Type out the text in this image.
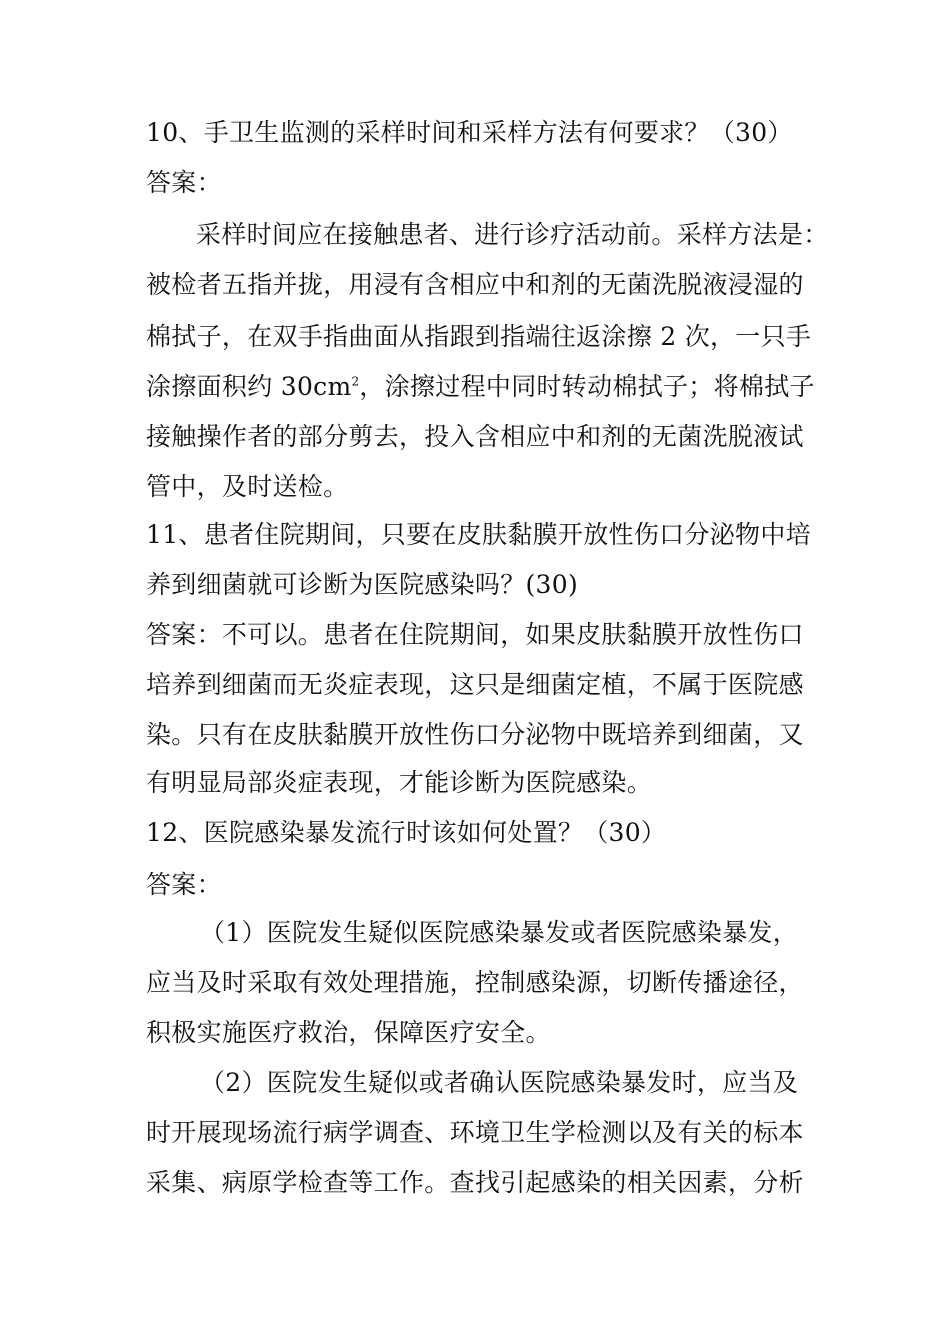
10、手卫生监测的采样时间和采样方法有何要求？（30）
答案：
采样时间应在接触患者、进行诊疗活动前。采样方法是：
被检者五指并拢，用浸有含相应中和剂的无菌洗脱液浸湿的
棉拭子，在双手指曲面从指跟到指端往返涂擦 2 次，一只手
涂擦面积约 $30cm^2$，涂擦过程中同时转动棉拭子；将棉拭子
接触操作者的部分剪去，投入含相应中和剂的无菌洗脱液试
管中，及时送检。
11、患者住院期间，只要在皮肤黏膜开放性伤口分泌物中培
养到细菌就可诊断为医院感染吗？(30)
答案：不可以。患者在住院期间，如果皮肤黏膜开放性伤口
培养到细菌而无炎症表现，这只是细菌定植，不属于医院感
染。只有在皮肤黏膜开放性伤口分泌物中既培养到细菌，又
有明显局部炎症表现，才能诊断为医院感染。
12、医院感染暴发流行时该如何处置？（30）
答案：
（1）医院发生疑似医院感染暴发或者医院感染暴发，
应当及时采取有效处理措施，控制感染源，切断传播途径，
积极实施医疗救治，保障医疗安全。
（2）医院发生疑似或者确认医院感染暴发时，应当及
时开展现场流行病学调查、环境卫生学检测以及有关的标本
采集、病原学检查等工作。查找引起感染的相关因素，分析
